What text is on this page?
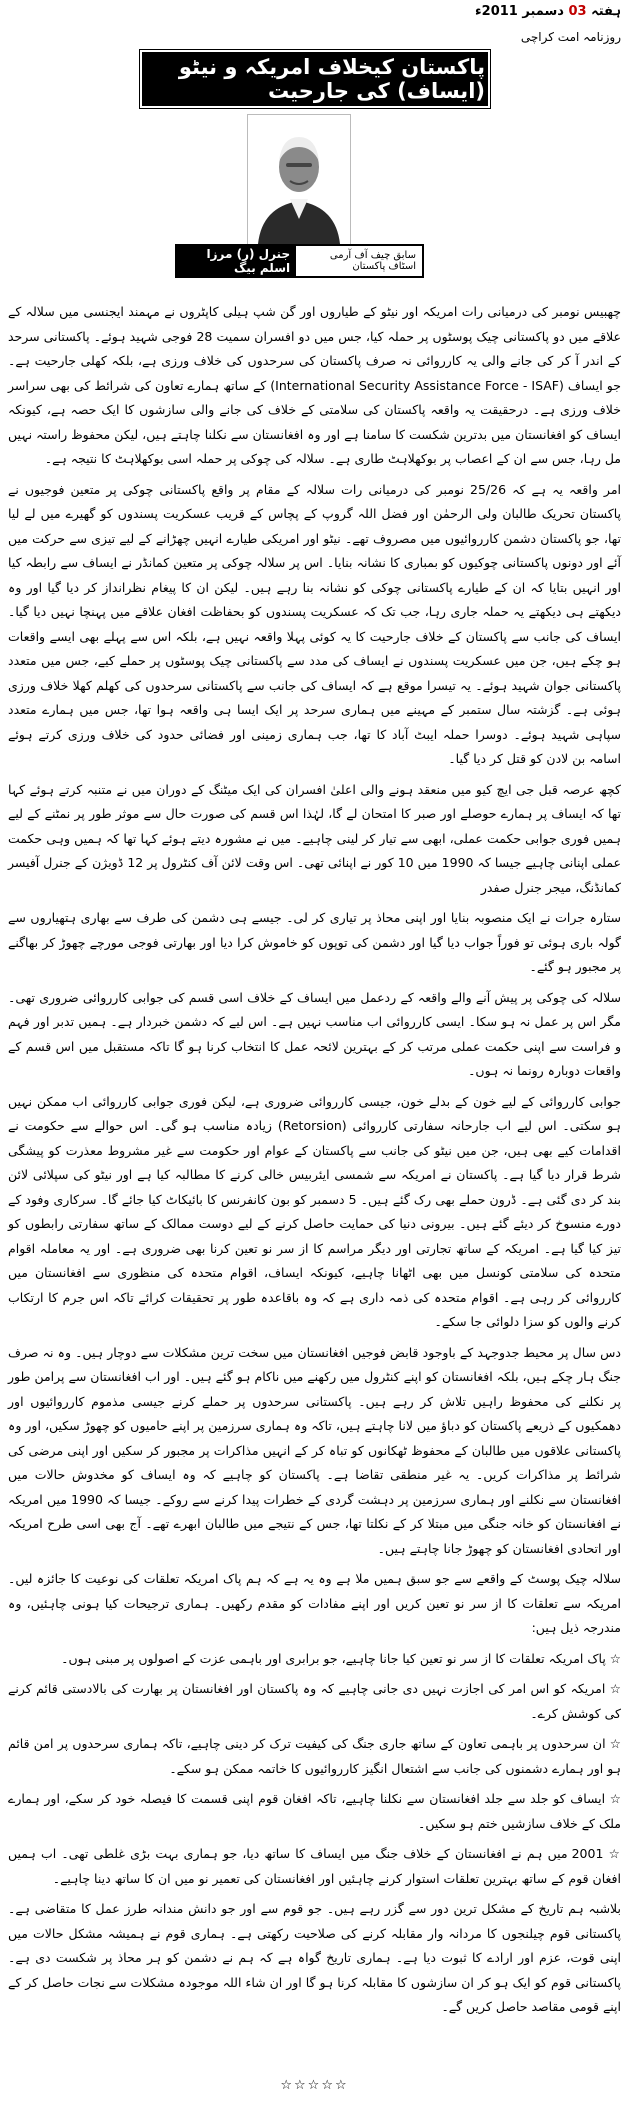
ہفتہ 03 دسمبر 2011ء
روزنامہ امت کراچی
پاکستان کیخلاف امریکہ و نیٹو (ایساف) کی جارحیت
سابق چیف آف آرمی اسٹاف پاکستان
جنرل (ر) مرزا اسلم بیگ

چھبیس نومبر کی درمیانی رات امریکہ اور نیٹو کے طیاروں اور گن شپ ہیلی کاپٹروں نے مہمند ایجنسی میں سلالہ کے علاقے میں دو پاکستانی چیک پوسٹوں پر حملہ کیا، جس میں دو افسران سمیت 28 فوجی شہید ہوئے۔ پاکستانی سرحد کے اندر آ کر کی جانے والی یہ کارروائی نہ صرف پاکستان کی سرحدوں کی خلاف ورزی ہے، بلکہ کھلی جارحیت ہے۔ جو ایساف (International Security Assistance Force - ISAF) کے ساتھ ہمارے تعاون کی شرائط کی بھی سراسر خلاف ورزی ہے۔ درحقیقت یہ واقعہ پاکستان کی سلامتی کے خلاف کی جانے والی سازشوں کا ایک حصہ ہے، کیونکہ ایساف کو افغانستان میں بدترین شکست کا سامنا ہے اور وہ افغانستان سے نکلنا چاہتے ہیں، لیکن محفوظ راستہ نہیں مل رہا، جس سے ان کے اعصاب پر بوکھلاہٹ طاری ہے۔ سلالہ کی چوکی پر حملہ اسی بوکھلاہٹ کا نتیجہ ہے۔

امر واقعہ یہ ہے کہ 25/26 نومبر کی درمیانی رات سلالہ کے مقام پر واقع پاکستانی چوکی پر متعین فوجیوں نے پاکستان تحریک طالبان ولی الرحمٰن اور فضل اللہ گروپ کے پچاس کے قریب عسکریت پسندوں کو گھیرے میں لے لیا تھا، جو پاکستان دشمن کارروائیوں میں مصروف تھے۔ نیٹو اور امریکی طیارے انہیں چھڑانے کے لیے تیزی سے حرکت میں آئے اور دونوں پاکستانی چوکیوں کو بمباری کا نشانہ بنایا۔ اس پر سلالہ چوکی پر متعین کمانڈر نے ایساف سے رابطہ کیا اور انہیں بتایا کہ ان کے طیارے پاکستانی چوکی کو نشانہ بنا رہے ہیں۔ لیکن ان کا پیغام نظرانداز کر دیا گیا اور وہ دیکھتے ہی دیکھتے یہ حملہ جاری رہا، جب تک کہ عسکریت پسندوں کو بحفاظت افغان علاقے میں پہنچا نہیں دیا گیا۔ ایساف کی جانب سے پاکستان کے خلاف جارحیت کا یہ کوئی پہلا واقعہ نہیں ہے، بلکہ اس سے پہلے بھی ایسے واقعات ہو چکے ہیں، جن میں عسکریت پسندوں نے ایساف کی مدد سے پاکستانی چیک پوسٹوں پر حملے کیے، جس میں متعدد پاکستانی جوان شہید ہوئے۔ یہ تیسرا موقع ہے کہ ایساف کی جانب سے پاکستانی سرحدوں کی کھلم کھلا خلاف ورزی ہوئی ہے۔ گزشتہ سال ستمبر کے مہینے میں ہماری سرحد پر ایک ایسا ہی واقعہ ہوا تھا، جس میں ہمارے متعدد سپاہی شہید ہوئے۔ دوسرا حملہ ایبٹ آباد کا تھا، جب ہماری زمینی اور فضائی حدود کی خلاف ورزی کرتے ہوئے اسامہ بن لادن کو قتل کر دیا گیا۔

کچھ عرصہ قبل جی ایچ کیو میں منعقد ہونے والی اعلیٰ افسران کی ایک میٹنگ کے دوران میں نے متنبہ کرتے ہوئے کہا تھا کہ ایساف پر ہمارے حوصلے اور صبر کا امتحان لے گا، لہٰذا اس قسم کی صورت حال سے موثر طور پر نمٹنے کے لیے ہمیں فوری جوابی حکمت عملی، ابھی سے تیار کر لینی چاہیے۔ میں نے مشورہ دیتے ہوئے کہا تھا کہ ہمیں وہی حکمت عملی اپنانی چاہیے جیسا کہ 1990 میں 10 کور نے اپنائی تھی۔ اس وقت لائن آف کنٹرول پر 12 ڈویژن کے جنرل آفیسر کمانڈنگ، میجر جنرل صفدر

ستارہ جرات نے ایک منصوبہ بنایا اور اپنی محاذ پر تیاری کر لی۔ جیسے ہی دشمن کی طرف سے بھاری ہتھیاروں سے گولہ باری ہوئی تو فوراً جواب دیا گیا اور دشمن کی توپوں کو خاموش کرا دیا اور بھارتی فوجی مورچے چھوڑ کر بھاگنے پر مجبور ہو گئے۔

سلالہ کی چوکی پر پیش آنے والے واقعہ کے ردعمل میں ایساف کے خلاف اسی قسم کی جوابی کارروائی ضروری تھی۔ مگر اس پر عمل نہ ہو سکا۔ ایسی کارروائی اب مناسب نہیں ہے۔ اس لیے کہ دشمن خبردار ہے۔ ہمیں تدبر اور فہم و فراست سے اپنی حکمت عملی مرتب کر کے بہترین لائحہ عمل کا انتخاب کرنا ہو گا تاکہ مستقبل میں اس قسم کے واقعات دوبارہ رونما نہ ہوں۔

جوابی کارروائی کے لیے خون کے بدلے خون، جیسی کارروائی ضروری ہے، لیکن فوری جوابی کارروائی اب ممکن نہیں ہو سکتی۔ اس لیے اب جارحانہ سفارتی کارروائی (Retorsion) زیادہ مناسب ہو گی۔ اس حوالے سے حکومت نے اقدامات کیے بھی ہیں، جن میں نیٹو کی جانب سے پاکستان کے عوام اور حکومت سے غیر مشروط معذرت کو پیشگی شرط قرار دیا گیا ہے۔ پاکستان نے امریکہ سے شمسی ایئربیس خالی کرنے کا مطالبہ کیا ہے اور نیٹو کی سپلائی لائن بند کر دی گئی ہے۔ ڈرون حملے بھی رک گئے ہیں۔ 5 دسمبر کو بون کانفرنس کا بائیکاٹ کیا جائے گا۔ سرکاری وفود کے دورے منسوخ کر دیئے گئے ہیں۔ بیرونی دنیا کی حمایت حاصل کرنے کے لیے دوست ممالک کے ساتھ سفارتی رابطوں کو تیز کیا گیا ہے۔ امریکہ کے ساتھ تجارتی اور دیگر مراسم کا از سر نو تعین کرنا بھی ضروری ہے۔ اور یہ معاملہ اقوام متحدہ کی سلامتی کونسل میں بھی اٹھانا چاہیے، کیونکہ ایساف، اقوام متحدہ کی منظوری سے افغانستان میں کارروائی کر رہی ہے۔ اقوام متحدہ کی ذمہ داری ہے کہ وہ باقاعدہ طور پر تحقیقات کرائے تاکہ اس جرم کا ارتکاب کرنے والوں کو سزا دلوائی جا سکے۔

دس سال پر محیط جدوجہد کے باوجود قابض فوجیں افغانستان میں سخت ترین مشکلات سے دوچار ہیں۔ وہ نہ صرف جنگ ہار چکے ہیں، بلکہ افغانستان کو اپنے کنٹرول میں رکھنے میں ناکام ہو گئے ہیں۔ اور اب افغانستان سے پرامن طور پر نکلنے کی محفوظ راہیں تلاش کر رہے ہیں۔ پاکستانی سرحدوں پر حملے کرنے جیسی مذموم کارروائیوں اور دھمکیوں کے ذریعے پاکستان کو دباؤ میں لانا چاہتے ہیں، تاکہ وہ ہماری سرزمین پر اپنے حامیوں کو چھوڑ سکیں، اور وہ پاکستانی علاقوں میں طالبان کے محفوظ ٹھکانوں کو تباہ کر کے انہیں مذاکرات پر مجبور کر سکیں اور اپنی مرضی کی شرائط پر مذاکرات کریں۔ یہ غیر منطقی تقاضا ہے۔ پاکستان کو چاہیے کہ وہ ایساف کو مخدوش حالات میں افغانستان سے نکلنے اور ہماری سرزمین پر دہشت گردی کے خطرات پیدا کرنے سے روکے۔ جیسا کہ 1990 میں امریکہ نے افغانستان کو خانہ جنگی میں مبتلا کر کے نکلتا تھا، جس کے نتیجے میں طالبان ابھرے تھے۔ آج بھی اسی طرح امریکہ اور اتحادی افغانستان کو چھوڑ جانا چاہتے ہیں۔

سلالہ چیک پوسٹ کے واقعے سے جو سبق ہمیں ملا ہے وہ یہ ہے کہ ہم پاک امریکہ تعلقات کی نوعیت کا جائزہ لیں۔ امریکہ سے تعلقات کا از سر نو تعین کریں اور اپنے مفادات کو مقدم رکھیں۔ ہماری ترجیحات کیا ہونی چاہئیں، وہ مندرجہ ذیل ہیں:

☆ پاک امریکہ تعلقات کا از سر نو تعین کیا جانا چاہیے، جو برابری اور باہمی عزت کے اصولوں پر مبنی ہوں۔

☆ امریکہ کو اس امر کی اجازت نہیں دی جانی چاہیے کہ وہ پاکستان اور افغانستان پر بھارت کی بالادستی قائم کرنے کی کوشش کرے۔

☆ ان سرحدوں پر باہمی تعاون کے ساتھ جاری جنگ کی کیفیت ترک کر دینی چاہیے، تاکہ ہماری سرحدوں پر امن قائم ہو اور ہمارے دشمنوں کی جانب سے اشتعال انگیز کارروائیوں کا خاتمہ ممکن ہو سکے۔

☆ ایساف کو جلد سے جلد افغانستان سے نکلنا چاہیے، تاکہ افغان قوم اپنی قسمت کا فیصلہ خود کر سکے، اور ہمارے ملک کے خلاف سازشیں ختم ہو سکیں۔

☆ 2001 میں ہم نے افغانستان کے خلاف جنگ میں ایساف کا ساتھ دیا، جو ہماری بہت بڑی غلطی تھی۔ اب ہمیں افغان قوم کے ساتھ بہترین تعلقات استوار کرنے چاہئیں اور افغانستان کی تعمیر نو میں ان کا ساتھ دینا چاہیے۔

بلاشبہ ہم تاریخ کے مشکل ترین دور سے گزر رہے ہیں۔ جو قوم سے اور جو دانش مندانہ طرز عمل کا متقاضی ہے۔ پاکستانی قوم چیلنجوں کا مردانہ وار مقابلہ کرنے کی صلاحیت رکھتی ہے۔ ہماری قوم نے ہمیشہ مشکل حالات میں اپنی قوت، عزم اور ارادے کا ثبوت دیا ہے۔ ہماری تاریخ گواہ ہے کہ ہم نے دشمن کو ہر محاذ پر شکست دی ہے۔ پاکستانی قوم کو ایک ہو کر ان سازشوں کا مقابلہ کرنا ہو گا اور ان شاء اللہ موجودہ مشکلات سے نجات حاصل کر کے اپنے قومی مقاصد حاصل کریں گے۔

☆☆☆☆☆
